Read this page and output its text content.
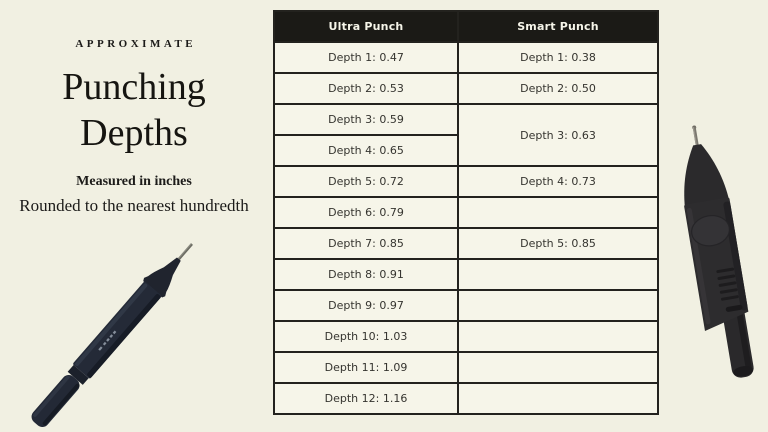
APPROXIMATE
Punching
Depths
Measured in inches
Rounded to the nearest hundredth
Ultra Punch	Smart Punch
Depth 1: 0.47	Depth 1: 0.38
Depth 2: 0.53	Depth 2: 0.50
Depth 3: 0.59	Depth 3: 0.63
Depth 4: 0.65	
Depth 5: 0.72	Depth 4: 0.73
Depth 6: 0.79	
Depth 7: 0.85	Depth 5: 0.85
Depth 8: 0.91	
Depth 9: 0.97	
Depth 10: 1.03	
Depth 11: 1.09	
Depth 12: 1.16	
